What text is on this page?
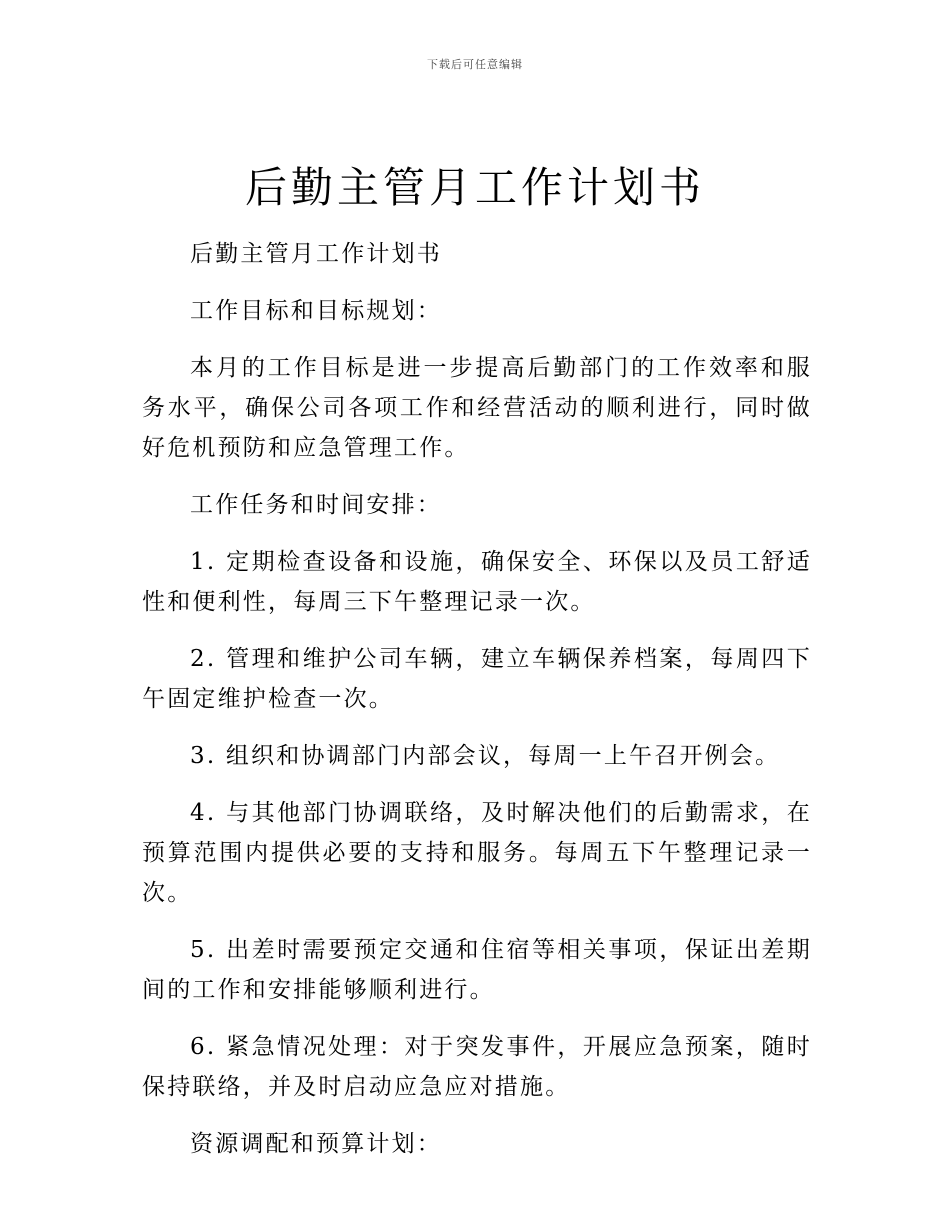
下载后可任意编辑
后勤主管月工作计划书

后勤主管月工作计划书

工作目标和目标规划：

本月的工作目标是进一步提高后勤部门的工作效率和服务水平，确保公司各项工作和经营活动的顺利进行，同时做好危机预防和应急管理工作。

工作任务和时间安排：

1. 定期检查设备和设施，确保安全、环保以及员工舒适性和便利性，每周三下午整理记录一次。

2. 管理和维护公司车辆，建立车辆保养档案，每周四下午固定维护检查一次。

3. 组织和协调部门内部会议，每周一上午召开例会。

4. 与其他部门协调联络，及时解决他们的后勤需求，在预算范围内提供必要的支持和服务。每周五下午整理记录一次。

5. 出差时需要预定交通和住宿等相关事项，保证出差期间的工作和安排能够顺利进行。

6. 紧急情况处理：对于突发事件，开展应急预案，随时保持联络，并及时启动应急应对措施。

资源调配和预算计划：
